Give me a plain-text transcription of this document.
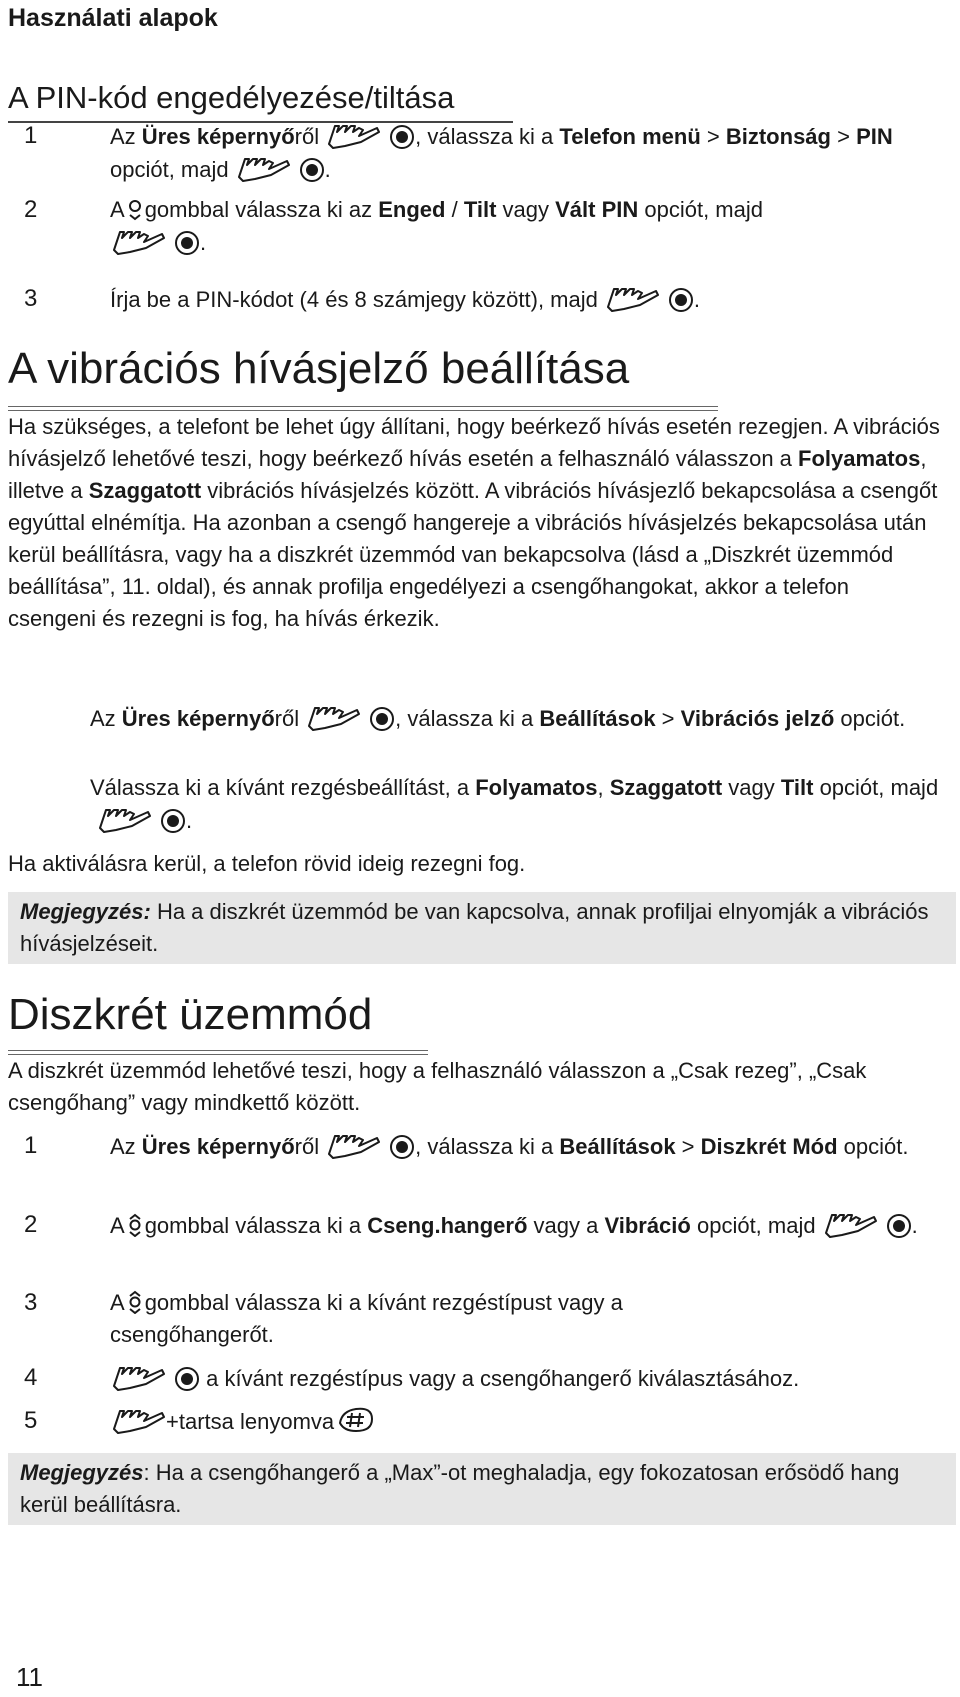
Használati alapok
A PIN-kód engedélyezése/tiltása
1	Az Üres képernyőről	, válassza ki a Telefon menü > Biztonság > PIN opciót, majd	.
2	A gombbal válassza ki az Enged / Tilt vagy Vált PIN opciót, majd
.
3	Írja be a PIN-kódot (4 és 8 számjegy között), majd	.
A vibrációs hívásjelző beállítása
Ha szükséges, a telefont be lehet úgy állítani, hogy beérkező hívás esetén rezegjen. A vibrációs hívásjelző lehetővé teszi, hogy beérkező hívás esetén a felhasználó válasszon a Folyamatos, illetve a Szaggatott vibrációs hívásjelzés között. A vibrációs hívásjezlő bekapcsolása a csengőt egyúttal elnémítja. Ha azonban a csengő hangereje a vibrációs hívásjelzés bekapcsolása után kerül beállításra, vagy ha a diszkrét üzemmód van bekapcsolva (lásd a „Diszkrét üzemmód beállítása”, 11. oldal), és annak profilja engedélyezi a csengőhangokat, akkor a telefon csengeni és rezegni is fog, ha hívás érkezik.
Az Üres képernyőről	, válassza ki a Beállítások > Vibrációs jelző opciót.
Válassza ki a kívánt rezgésbeállítást, a Folyamatos, Szaggatott vagy Tilt opciót, majd.
Ha aktiválásra kerül, a telefon rövid ideig rezegni fog.
Megjegyzés: Ha a diszkrét üzemmód be van kapcsolva, annak profiljai elnyomják a vibrációs hívásjelzéseit.
Diszkrét üzemmód
A diszkrét üzemmód lehetővé teszi, hogy a felhasználó válasszon a „Csak rezeg”, „Csak csengőhang” vagy mindkettő között.
1	Az Üres képernyőről	, válassza ki a Beállítások > Diszkrét Mód opciót.
2	A gombbal válassza ki a Cseng.hangerő vagy a Vibráció opciót, majd	.
3	A gombbal válassza ki a kívánt rezgéstípust vagy a csengőhangerőt.
4	a kívánt rezgéstípus vagy a csengőhangerő kiválasztásához.
5	+tartsa lenyomva
Megjegyzés: Ha a csengőhangerő a „Max”-ot meghaladja, egy fokozatosan erősödő hang kerül beállításra.
11
